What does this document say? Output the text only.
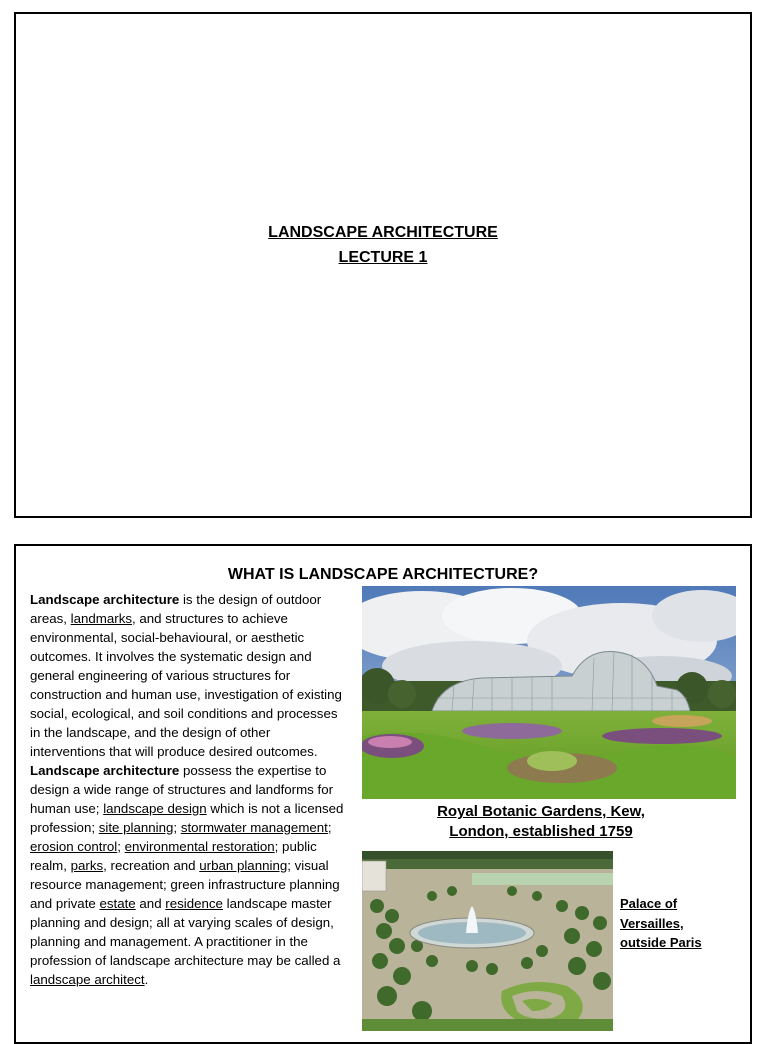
LANDSCAPE ARCHITECTURE
LECTURE 1
WHAT IS LANDSCAPE ARCHITECTURE?

Landscape architecture is the design of outdoor areas, landmarks, and structures to achieve environmental, social-behavioural, or aesthetic outcomes. It involves the systematic design and general engineering of various structures for construction and human use, investigation of existing social, ecological, and soil conditions and processes in the landscape, and the design of other interventions that will produce desired outcomes.

Landscape architecture possess the expertise to design a wide range of structures and landforms for human use; landscape design which is not a licensed profession; site planning; stormwater management; erosion control; environmental restoration; public realm, parks, recreation and urban planning; visual resource management; green infrastructure planning and private estate and residence landscape master planning and design; all at varying scales of design, planning and management. A practitioner in the profession of landscape architecture may be called a landscape architect.

Royal Botanic Gardens, Kew,
London, established 1759
Palace of
Versailles,
outside Paris
